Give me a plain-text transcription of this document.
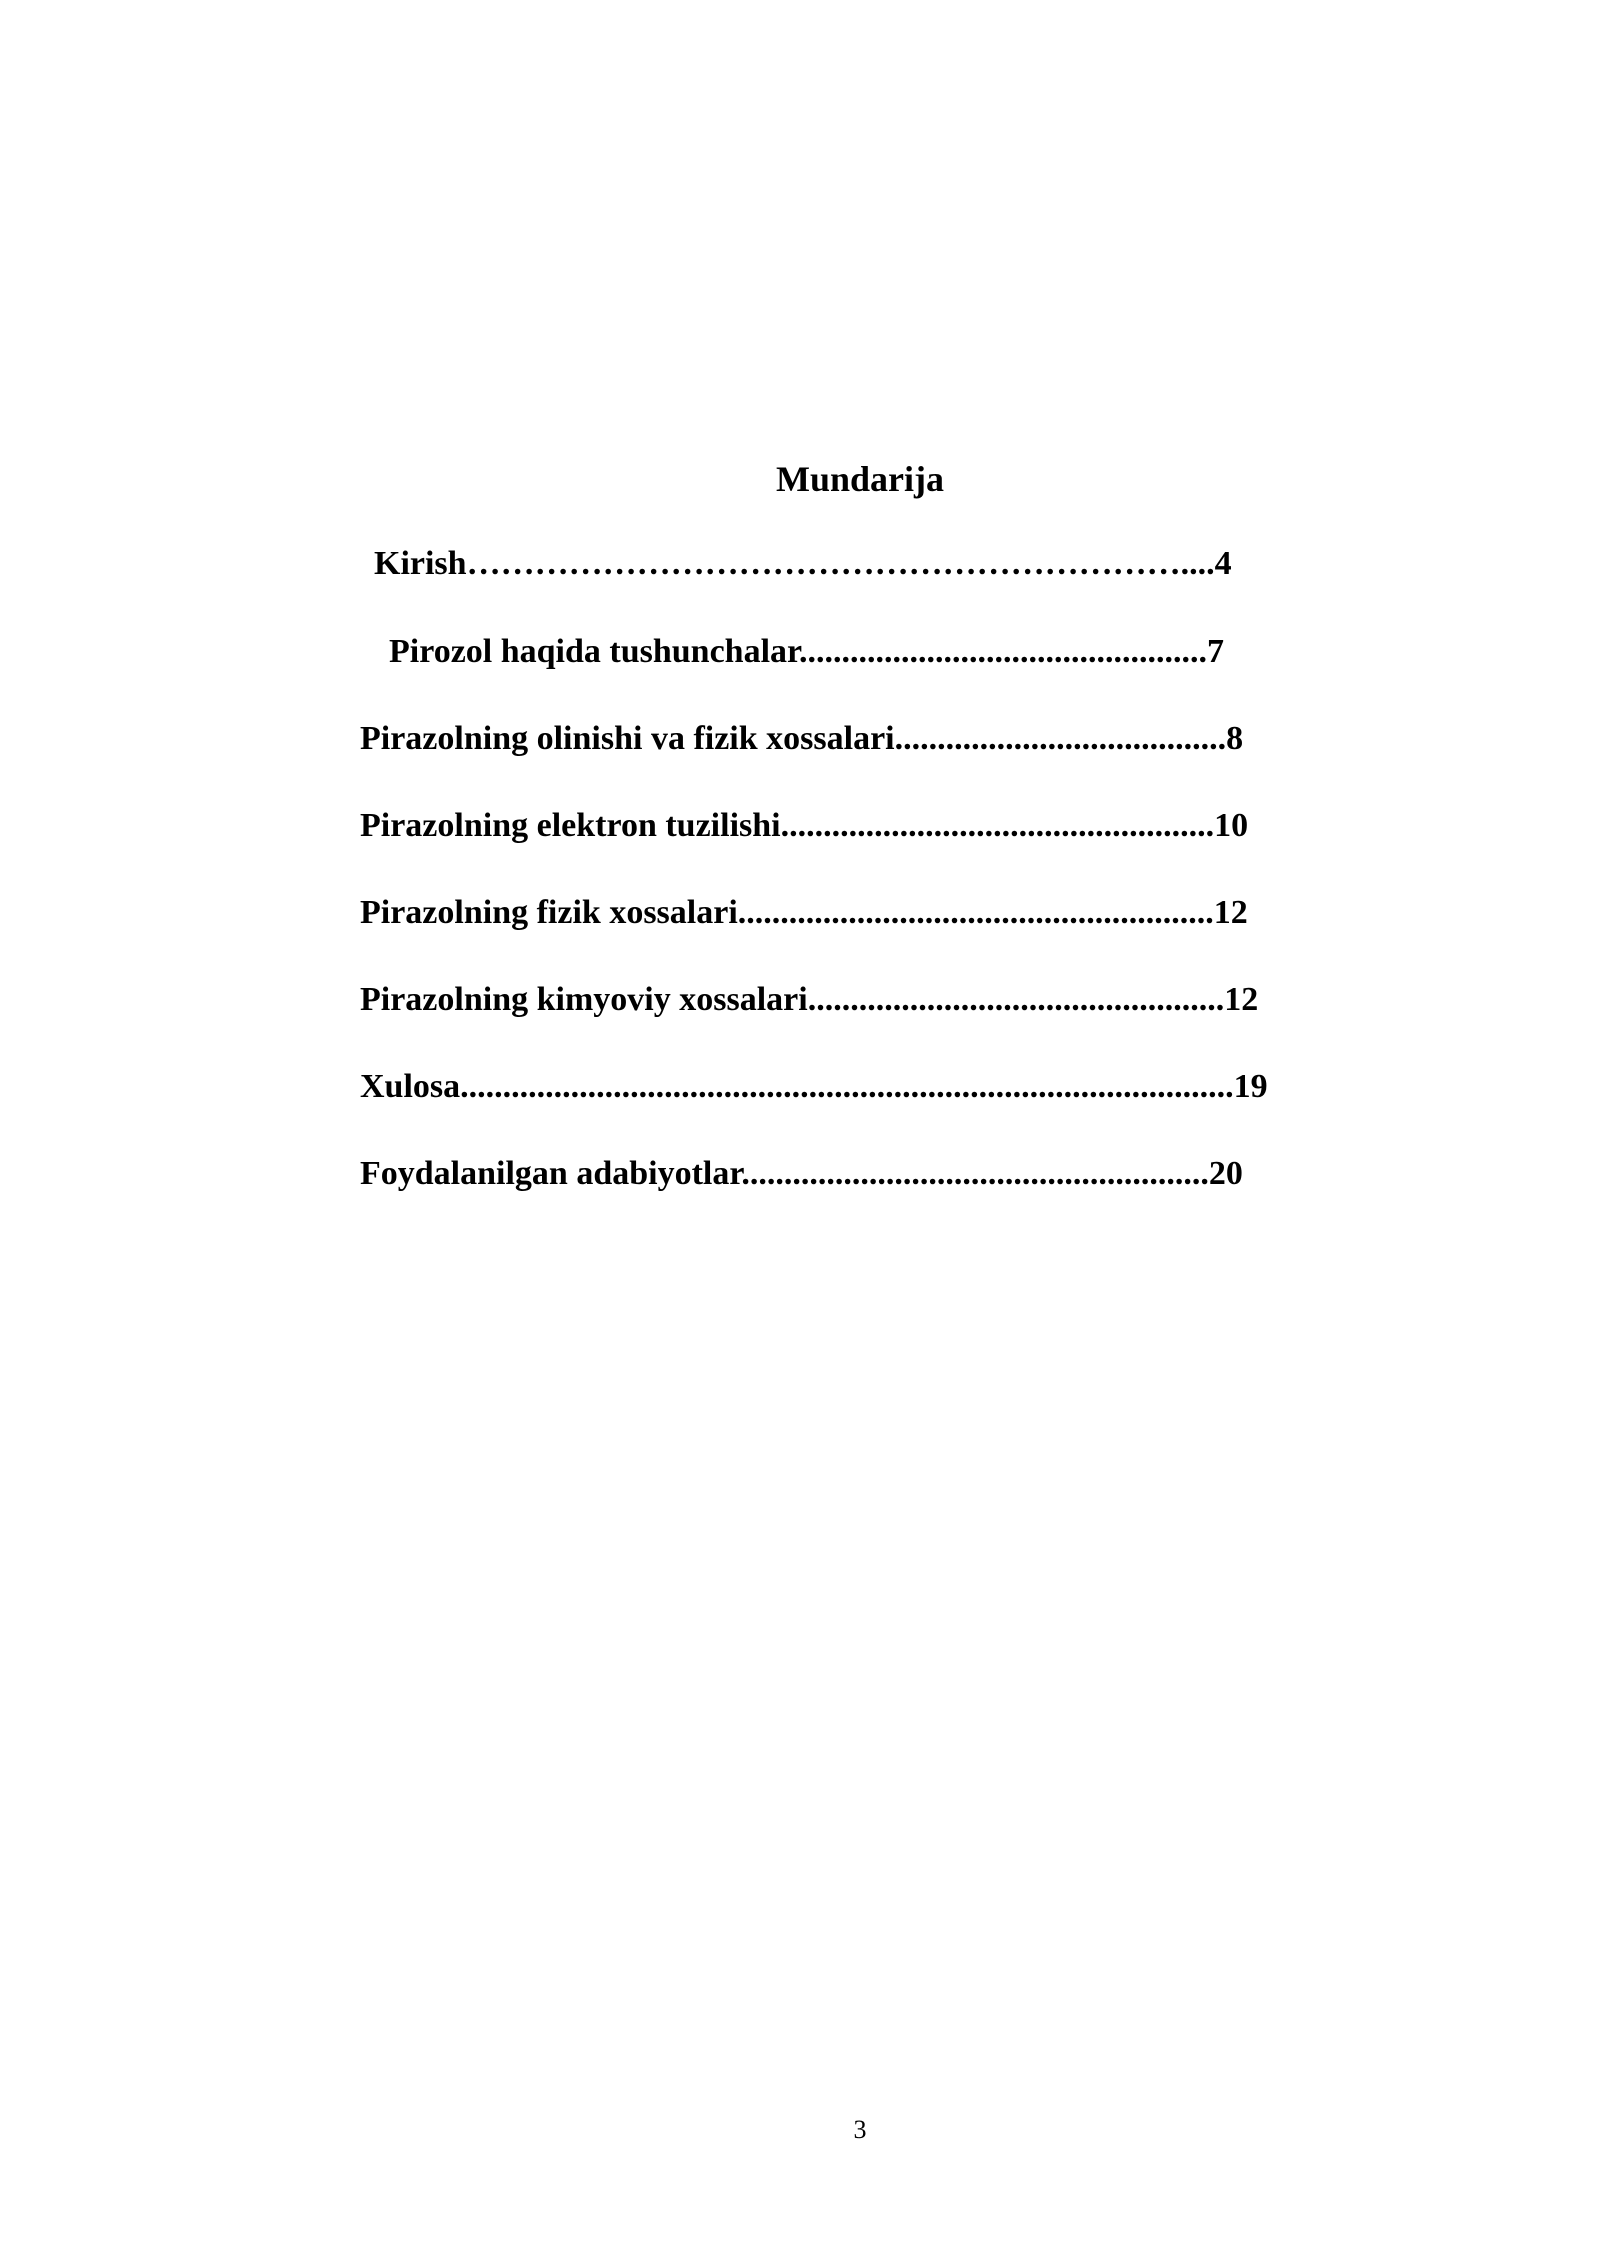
Mundarija
Kirish………………………………………………………....4
Pirozol haqida tushunchalar................................................7
Pirazolning olinishi va fizik xossalari.......................................8
Pirazolning elektron tuzilishi...................................................10
Pirazolning fizik xossalari........................................................12
Pirazolning kimyoviy xossalari.................................................12
Xulosa...........................................................................................19
Foydalanilgan adabiyotlar.......................................................20
3
